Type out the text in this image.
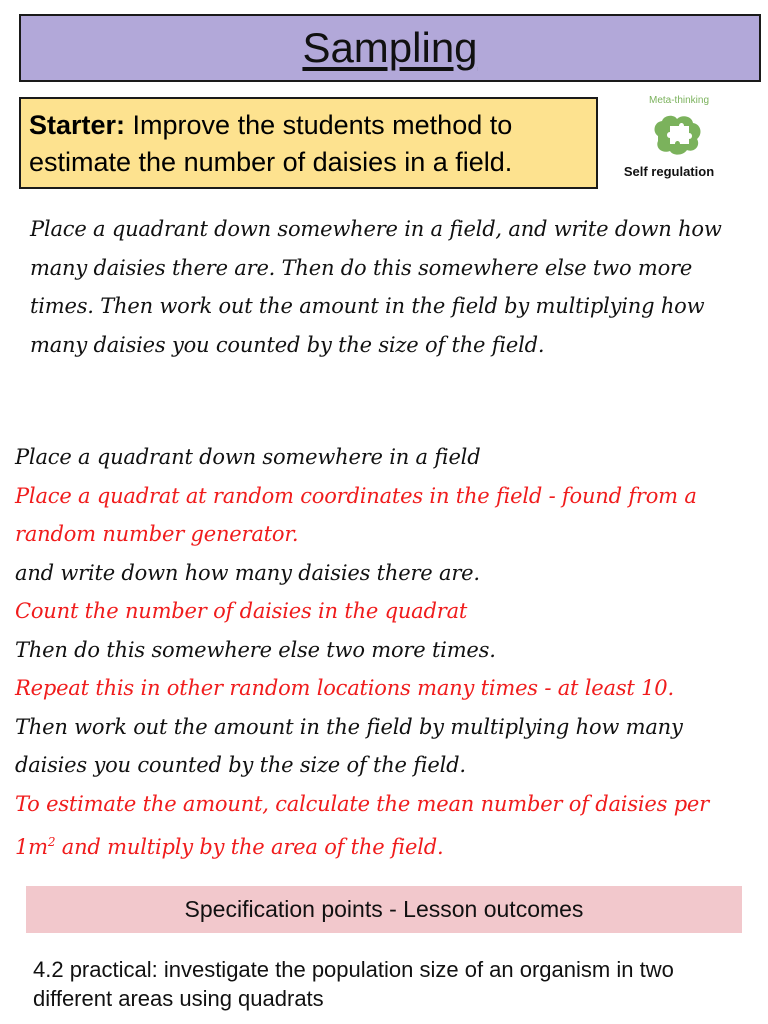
Sampling
Starter: Improve the students method to estimate the number of daisies in a field.
Meta-thinking
Self regulation
Place a quadrant down somewhere in a field, and write down how many daisies there are. Then do this somewhere else two more times. Then work out the amount in the field by multiplying how many daisies you counted by the size of the field.
Place a quadrant down somewhere in a field
Place a quadrat at random coordinates in the field - found from a random number generator.
and write down how many daisies there are.
Count the number of daisies in the quadrat
Then do this somewhere else two more times.
Repeat this in other random locations many times - at least 10.
Then work out the amount in the field by multiplying how many daisies you counted by the size of the field.
To estimate the amount, calculate the mean number of daisies per $1m^2$ and multiply by the area of the field.
Specification points - Lesson outcomes
4.2 practical: investigate the population size of an organism in two different areas using quadrats
